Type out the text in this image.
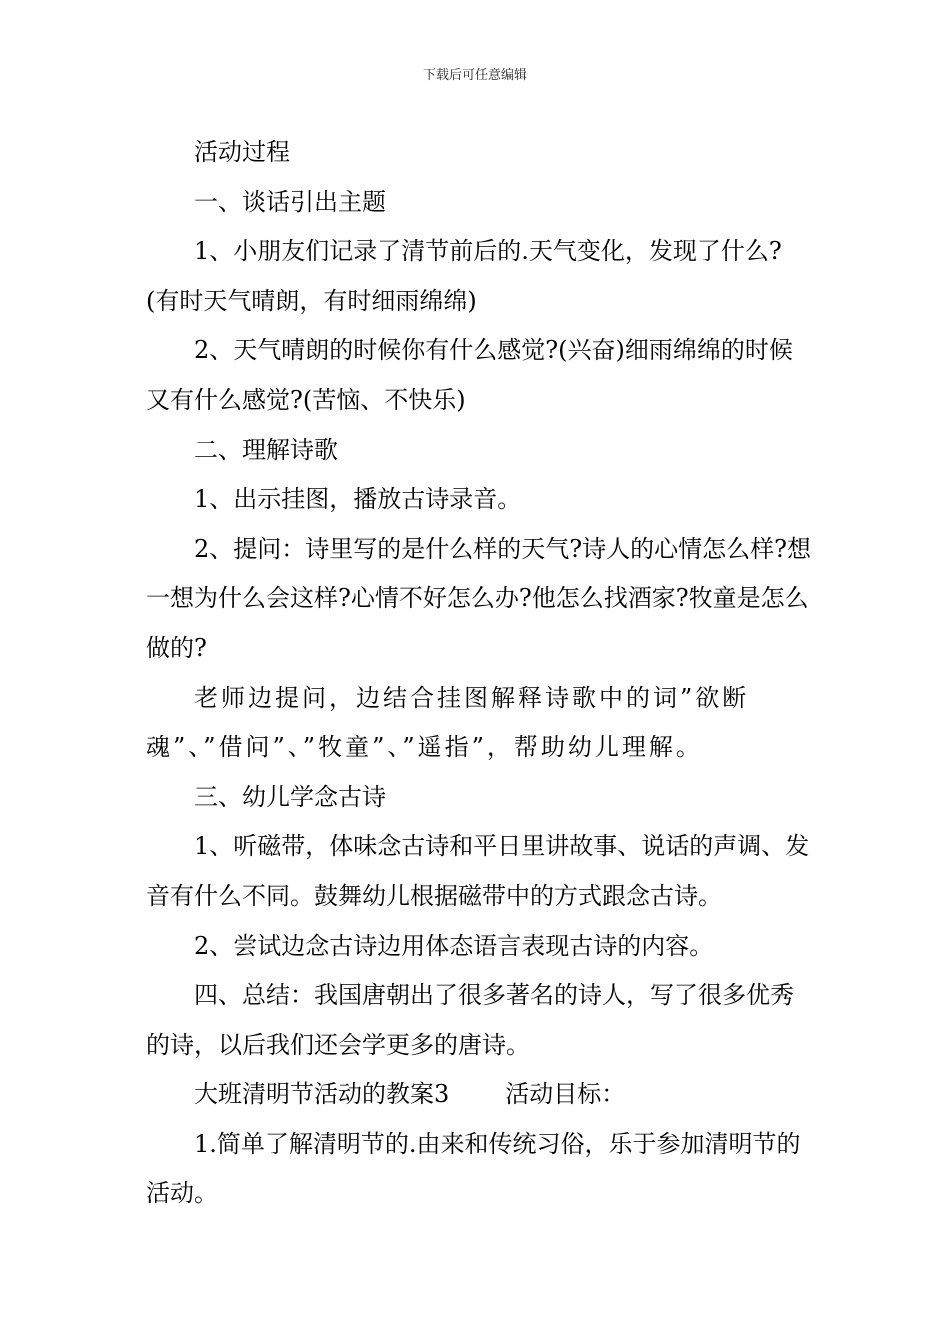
下载后可任意编辑

活动过程

一、谈话引出主题

1、小朋友们记录了清节前后的.天气变化，发现了什么?(有时天气晴朗，有时细雨绵绵)

2、天气晴朗的时候你有什么感觉?(兴奋)细雨绵绵的时候又有什么感觉?(苦恼、不快乐)

二、理解诗歌

1、出示挂图，播放古诗录音。

2、提问：诗里写的是什么样的天气?诗人的心情怎么样?想一想为什么会这样?心情不好怎么办?他怎么找酒家?牧童是怎么做的?

老师边提问，边结合挂图解释诗歌中的词”欲断魂”、”借问”、”牧童”、”遥指”，帮助幼儿理解。

三、幼儿学念古诗

1、听磁带，体味念古诗和平日里讲故事、说话的声调、发音有什么不同。鼓舞幼儿根据磁带中的方式跟念古诗。

2、尝试边念古诗边用体态语言表现古诗的内容。

四、总结：我国唐朝出了很多著名的诗人，写了很多优秀的诗，以后我们还会学更多的唐诗。

大班清明节活动的教案3 活动目标：

1.简单了解清明节的.由来和传统习俗，乐于参加清明节的活动。
